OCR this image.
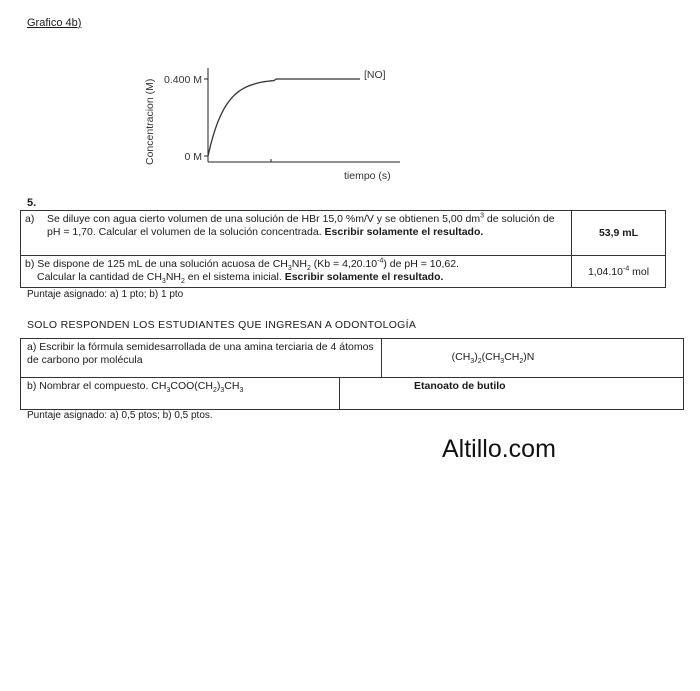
Grafico 4b)
Concentracion (M) 0.400 M
0 M
[NO]
tiempo (s)
5.
a) Se diluye con agua cierto volumen de una solución de HBr 15,0 %m/V y se obtienen 5,00 $dm^3$ de solución de pH = 1,70. Calcular el volumen de la solución concentrada. Escribir solamente el resultado.	53,9 mL

b) Se dispone de 125 mL de una solución acuosa de $CH_3NH_2$ $(Kb = 4,20.10^{-4})$ de pH = 10,62.
Calcular la cantidad de $CH_3NH_2$ en el sistema inicial. Escribir solamente el resultado.	$1,04.10^{-4}$ mol
Puntaje asignado: a) 1 pto; b) 1 pto
SOLO RESPONDEN LOS ESTUDIANTES QUE INGRESAN A ODONTOLOGÍA
a) Escribir la fórmula semidesarrollada de una amina terciaria de 4 átomos de carbono por molécula		$(CH_3)_2(CH_3CH_2)N$
b) Nombrar el compuesto. $CH_3COO(CH_2)_3CH_3$	Etanoato de butilo	
Puntaje asignado: a) 0,5 ptos; b) 0,5 ptos.
Altillo.com
